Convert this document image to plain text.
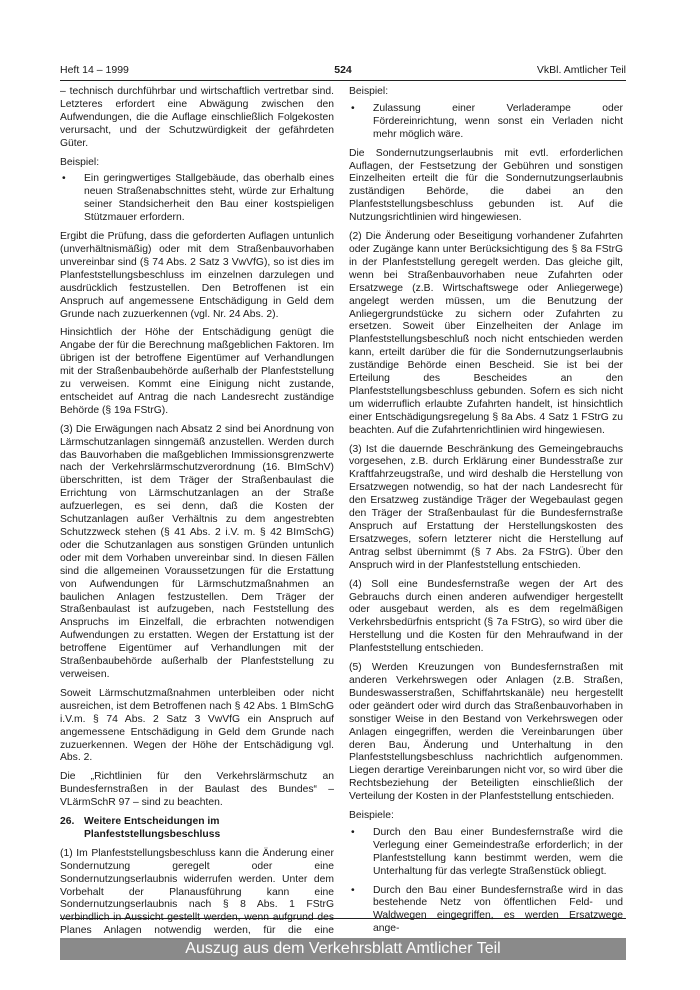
Heft 14 – 1999	524	VkBl. Amtlicher Teil

– technisch durchführbar und wirtschaftlich vertretbar sind. Letzteres erfordert eine Abwägung zwischen den Aufwendungen, die die Auflage einschließlich Folgekosten verursacht, und der Schutzwürdigkeit der gefährdeten Güter.

Beispiel:

• Ein geringwertiges Stallgebäude, das oberhalb eines neuen Straßenabschnittes steht, würde zur Erhaltung seiner Standsicherheit den Bau einer kostspieligen Stützmauer erfordern.

Ergibt die Prüfung, dass die geforderten Auflagen untunlich (unverhältnismäßig) oder mit dem Straßenbauvorhaben unvereinbar sind (§ 74 Abs. 2 Satz 3 VwVfG), so ist dies im Planfeststellungsbeschluss im einzelnen darzulegen und ausdrücklich festzustellen. Den Betroffenen ist ein Anspruch auf angemessene Entschädigung in Geld dem Grunde nach zuzuerkennen (vgl. Nr. 24 Abs. 2).

Hinsichtlich der Höhe der Entschädigung genügt die Angabe der für die Berechnung maßgeblichen Faktoren. Im übrigen ist der betroffene Eigentümer auf Verhandlungen mit der Straßenbaubehörde außerhalb der Planfeststellung zu verweisen. Kommt eine Einigung nicht zustande, entscheidet auf Antrag die nach Landesrecht zuständige Behörde (§ 19a FStrG).

(3) Die Erwägungen nach Absatz 2 sind bei Anordnung von Lärmschutzanlagen sinngemäß anzustellen. Werden durch das Bauvorhaben die maßgeblichen Immissionsgrenzwerte nach der Verkehrslärmschutzverordnung (16. BImSchV) überschritten, ist dem Träger der Straßenbaulast die Errichtung von Lärmschutzanlagen an der Straße aufzuerlegen, es sei denn, daß die Kosten der Schutzanlagen außer Verhältnis zu dem angestrebten Schutzzweck stehen (§ 41 Abs. 2 i.V. m. § 42 BImSchG) oder die Schutzanlagen aus sonstigen Gründen untunlich oder mit dem Vorhaben unvereinbar sind. In diesen Fällen sind die allgemeinen Voraussetzungen für die Erstattung von Aufwendungen für Lärmschutzmaßnahmen an baulichen Anlagen festzustellen. Dem Träger der Straßenbaulast ist aufzugeben, nach Feststellung des Anspruchs im Einzelfall, die erbrachten notwendigen Aufwendungen zu erstatten. Wegen der Erstattung ist der betroffene Eigentümer auf Verhandlungen mit der Straßenbaubehörde außerhalb der Planfeststellung zu verweisen.

Soweit Lärmschutzmaßnahmen unterbleiben oder nicht ausreichen, ist dem Betroffenen nach § 42 Abs. 1 BImSchG i.V.m. § 74 Abs. 2 Satz 3 VwVfG ein Anspruch auf angemessene Entschädigung in Geld dem Grunde nach zuzuerkennen. Wegen der Höhe der Entschädigung vgl. Abs. 2.

Die „Richtlinien für den Verkehrslärmschutz an Bundesfernstraßen in der Baulast des Bundes“ – VLärmSchR 97 – sind zu beachten.

26. Weitere Entscheidungen im Planfeststellungsbeschluss

(1) Im Planfeststellungsbeschluss kann die Änderung einer Sondernutzung geregelt oder eine Sondernutzungserlaubnis widerrufen werden. Unter dem Vorbehalt der Planausführung kann eine Sondernutzungserlaubnis nach § 8 Abs. 1 FStrG verbindlich in Aussicht gestellt werden, wenn aufgrund des Planes Anlagen notwendig werden, für die eine

Beispiel:

• Zulassung einer Verladerampe oder Fördereinrichtung, wenn sonst ein Verladen nicht mehr möglich wäre.

Die Sondernutzungserlaubnis mit evtl. erforderlichen Auflagen, der Festsetzung der Gebühren und sonstigen Einzelheiten erteilt die für die Sondernutzungserlaubnis zuständigen Behörde, die dabei an den Planfeststellungsbeschluss gebunden ist. Auf die Nutzungsrichtlinien wird hingewiesen.

(2) Die Änderung oder Beseitigung vorhandener Zufahrten oder Zugänge kann unter Berücksichtigung des § 8a FStrG in der Planfeststellung geregelt werden. Das gleiche gilt, wenn bei Straßenbauvorhaben neue Zufahrten oder Ersatzwege (z.B. Wirtschaftswege oder Anliegerwege) angelegt werden müssen, um die Benutzung der Anliegergrundstücke zu sichern oder Zufahrten zu ersetzen. Soweit über Einzelheiten der Anlage im Planfeststellungsbeschluß noch nicht entschieden werden kann, erteilt darüber die für die Sondernutzungserlaubnis zuständige Behörde einen Bescheid. Sie ist bei der Erteilung des Bescheides an den Planfeststellungsbeschluss gebunden. Sofern es sich nicht um widerruflich erlaubte Zufahrten handelt, ist hinsichtlich einer Entschädigungsregelung § 8a Abs. 4 Satz 1 FStrG zu beachten. Auf die Zufahrtenrichtlinien wird hingewiesen.

(3) Ist die dauernde Beschränkung des Gemeingebrauchs vorgesehen, z.B. durch Erklärung einer Bundesstraße zur Kraftfahrzeugstraße, und wird deshalb die Herstellung von Ersatzwegen notwendig, so hat der nach Landesrecht für den Ersatzweg zuständige Träger der Wegebaulast gegen den Träger der Straßenbaulast für die Bundesfernstraße Anspruch auf Erstattung der Herstellungskosten des Ersatzweges, sofern letzterer nicht die Herstellung auf Antrag selbst übernimmt (§ 7 Abs. 2a FStrG). Über den Anspruch wird in der Planfeststellung entschieden.

(4) Soll eine Bundesfernstraße wegen der Art des Gebrauchs durch einen anderen aufwendiger hergestellt oder ausgebaut werden, als es dem regelmäßigen Verkehrsbedürfnis entspricht (§ 7a FStrG), so wird über die Herstellung und die Kosten für den Mehraufwand in der Planfeststellung entschieden.

(5) Werden Kreuzungen von Bundesfernstraßen mit anderen Verkehrswegen oder Anlagen (z.B. Straßen, Bundeswasserstraßen, Schiffahrtskanäle) neu hergestellt oder geändert oder wird durch das Straßenbauvorhaben in sonstiger Weise in den Bestand von Verkehrswegen oder Anlagen eingegriffen, werden die Vereinbarungen über deren Bau, Änderung und Unterhaltung in den Planfeststellungsbeschluss nachrichtlich aufgenommen. Liegen derartige Vereinbarungen nicht vor, so wird über die Rechtsbeziehung der Beteiligten einschließlich der Verteilung der Kosten in der Planfeststellung entschieden.

Beispiele:

• Durch den Bau einer Bundesfernstraße wird die Verlegung einer Gemeindestraße erforderlich; in der Planfeststellung kann bestimmt werden, wem die Unterhaltung für das verlegte Straßenstück obliegt.
• Durch den Bau einer Bundesfernstraße wird in das bestehende Netz von öffentlichen Feld- und Waldwegen eingegriffen, es werden Ersatzwege ange-
Auszug aus dem Verkehrsblatt Amtlicher Teil
